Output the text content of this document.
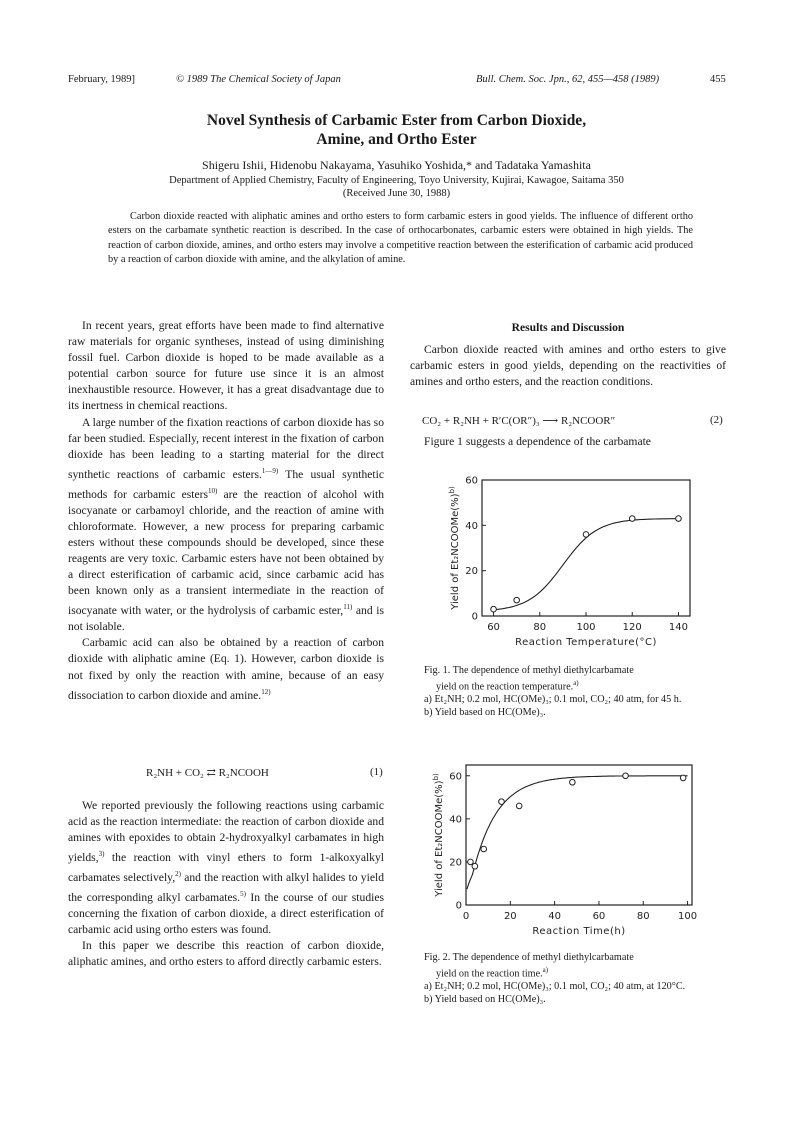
February, 1989]	© 1989 The Chemical Society of Japan	Bull. Chem. Soc. Jpn., 62, 455—458 (1989)	455
Novel Synthesis of Carbamic Ester from Carbon Dioxide,
Amine, and Ortho Ester
Shigeru Ishii, Hidenobu Nakayama, Yasuhiko Yoshida,* and Tadataka Yamashita
Department of Applied Chemistry, Faculty of Engineering, Toyo University, Kujirai, Kawagoe, Saitama 350
(Received June 30, 1988)
Carbon dioxide reacted with aliphatic amines and ortho esters to form carbamic esters in good yields. The influence of different ortho esters on the carbamate synthetic reaction is described. In the case of orthocarbonates, carbamic esters were obtained in high yields. The reaction of carbon dioxide, amines, and ortho esters may involve a competitive reaction between the esterification of carbamic acid produced by a reaction of carbon dioxide with amine, and the alkylation of amine.

In recent years, great efforts have been made to find alternative raw materials for organic syntheses, instead of using diminishing fossil fuel. Carbon dioxide is hoped to be made available as a potential carbon source for future use since it is an almost inexhaustible resource. However, it has a great disadvantage due to its inertness in chemical reactions.

A large number of the fixation reactions of carbon dioxide has so far been studied. Especially, recent interest in the fixation of carbon dioxide has been leading to a starting material for the direct synthetic reactions of carbamic esters.$^{1—9)}$ The usual synthetic methods for carbamic esters$^{10)}$ are the reaction of alcohol with isocyanate or carbamoyl chloride, and the reaction of amine with chloroformate. However, a new process for preparing carbamic esters without these compounds should be developed, since these reagents are very toxic. Carbamic esters have not been obtained by a direct esterification of carbamic acid, since carbamic acid has been known only as a transient intermediate in the reaction of isocyanate with water, or the hydrolysis of carbamic ester,$^{11)}$ and is not isolable.

Carbamic acid can also be obtained by a reaction of carbon dioxide with aliphatic amine (Eq. 1). However, carbon dioxide is not fixed by only the reaction with amine, because of an easy dissociation to carbon dioxide and amine.$^{12)}$

R₂NH + CO₂ ⇄ R₂NCOOH	(1)

We reported previously the following reactions using carbamic acid as the reaction intermediate: the reaction of carbon dioxide and amines with epoxides to obtain 2-hydroxyalkyl carbamates in high yields,$^{3)}$ the reaction with vinyl ethers to form 1-alkoxyalkyl carbamates selectively,$^{2)}$ and the reaction with alkyl halides to yield the corresponding alkyl carbamates.$^{5)}$ In the course of our studies concerning the fixation of carbon dioxide, a direct esterification of carbamic acid using ortho esters was found.

In this paper we describe this reaction of carbon dioxide, aliphatic amines, and ortho esters to afford directly carbamic esters.

Results and Discussion

Carbon dioxide reacted with amines and ortho esters to give carbamic esters in good yields, depending on the reactivities of amines and ortho esters, and the reaction conditions.

CO₂ + R₂NH + R′C(OR″)₃ ⟶ R₂NCOOR″	(2)

Figure 1 suggests a dependence of the carbamate

60	80	100	120	140
0
20
40
60
Reaction Temperature(°C)
Yield of Et₂NCOOMe(%)$^{b)}$
Fig. 1. The dependence of methyl diethylcarbamate
yield on the reaction temperature.$^{a)}$
a) Et₂NH; 0.2 mol, HC(OMe)₃; 0.1 mol, CO₂; 40 atm, for 45 h.
b) Yield based on HC(OMe)₃.
0	20	40	60	80	100
0
20
40
60
Reaction Time(h)
Yield of Et₂NCOOMe(%)$^{b)}$
Fig. 2. The dependence of methyl diethylcarbamate
yield on the reaction time.$^{a)}$
a) Et₂NH; 0.2 mol, HC(OMe)₃; 0.1 mol, CO₂; 40 atm, at 120°C.
b) Yield based on HC(OMe)₃.
